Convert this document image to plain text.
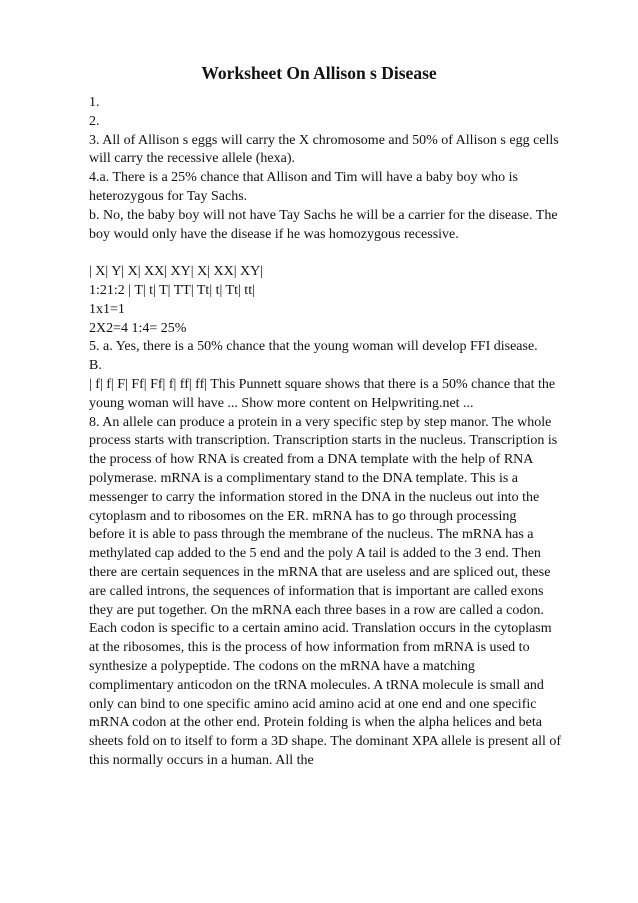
Worksheet On Allison s Disease
1.
2.
3. All of Allison s eggs will carry the X chromosome and 50% of Allison s egg cells
will carry the recessive allele (hexa).
4.a. There is a 25% chance that Allison and Tim will have a baby boy who is
heterozygous for Tay Sachs.
b. No, the baby boy will not have Tay Sachs he will be a carrier for the disease. The
boy would only have the disease if he was homozygous recessive.
| X| Y| X| XX| XY| X| XX| XY|
1:21:2 | T| t| T| TT| Tt| t| Tt| tt|
1x1=1
2X2=4 1:4= 25%
5. a. Yes, there is a 50% chance that the young woman will develop FFI disease.
B.
| f| f| F| Ff| Ff| f| ff| ff| This Punnett square shows that there is a 50% chance that the
young woman will have ... Show more content on Helpwriting.net ...
8. An allele can produce a protein in a very specific step by step manor. The whole
process starts with transcription. Transcription starts in the nucleus. Transcription is
the process of how RNA is created from a DNA template with the help of RNA
polymerase. mRNA is a complimentary stand to the DNA template. This is a
messenger to carry the information stored in the DNA in the nucleus out into the
cytoplasm and to ribosomes on the ER. mRNA has to go through processing
before it is able to pass through the membrane of the nucleus. The mRNA has a
methylated cap added to the 5 end and the poly A tail is added to the 3 end. Then
there are certain sequences in the mRNA that are useless and are spliced out, these
are called introns, the sequences of information that is important are called exons
they are put together. On the mRNA each three bases in a row are called a codon.
Each codon is specific to a certain amino acid. Translation occurs in the cytoplasm
at the ribosomes, this is the process of how information from mRNA is used to
synthesize a polypeptide. The codons on the mRNA have a matching
complimentary anticodon on the tRNA molecules. A tRNA molecule is small and
only can bind to one specific amino acid amino acid at one end and one specific
mRNA codon at the other end. Protein folding is when the alpha helices and beta
sheets fold on to itself to form a 3D shape. The dominant XPA allele is present all of
this normally occurs in a human. All the
